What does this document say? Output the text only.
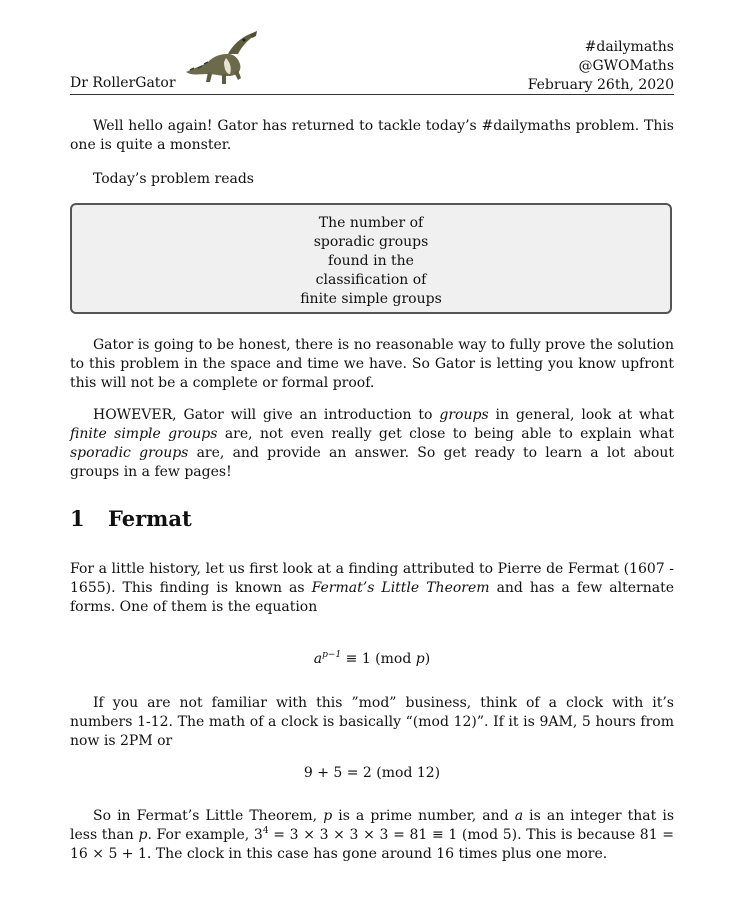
Dr RollerGator
#dailymaths
@GWOMaths
February 26th, 2020

Well hello again! Gator has returned to tackle today’s #dailymaths problem. This one is quite a monster.

Today’s problem reads

The number of
sporadic groups
found in the
classification of
finite simple groups

Gator is going to be honest, there is no reasonable way to fully prove the solution to this problem in the space and time we have. So Gator is letting you know upfront this will not be a complete or formal proof.

HOWEVER, Gator will give an introduction to groups in general, look at what finite simple groups are, not even really get close to being able to explain what sporadic groups are, and provide an answer. So get ready to learn a lot about groups in a few pages!

1 Fermat

For a little history, let us first look at a finding attributed to Pierre de Fermat (1607 - 1655). This finding is known as Fermat’s Little Theorem and has a few alternate forms. One of them is the equation

$a^{p-1} \equiv 1$ (mod p)

If you are not familiar with this ”mod” business, think of a clock with it’s numbers 1-12. The math of a clock is basically “(mod 12)”. If it is 9AM, 5 hours from now is 2PM or

9 + 5 = 2 (mod 12)

So in Fermat’s Little Theorem, p is a prime number, and a is an integer that is less than p. For example, $3^4 = 3 \times 3 \times 3 \times 3 = 81 \equiv 1$ (mod 5). This is because 81 = 16 × 5 + 1. The clock in this case has gone around 16 times plus one more.
